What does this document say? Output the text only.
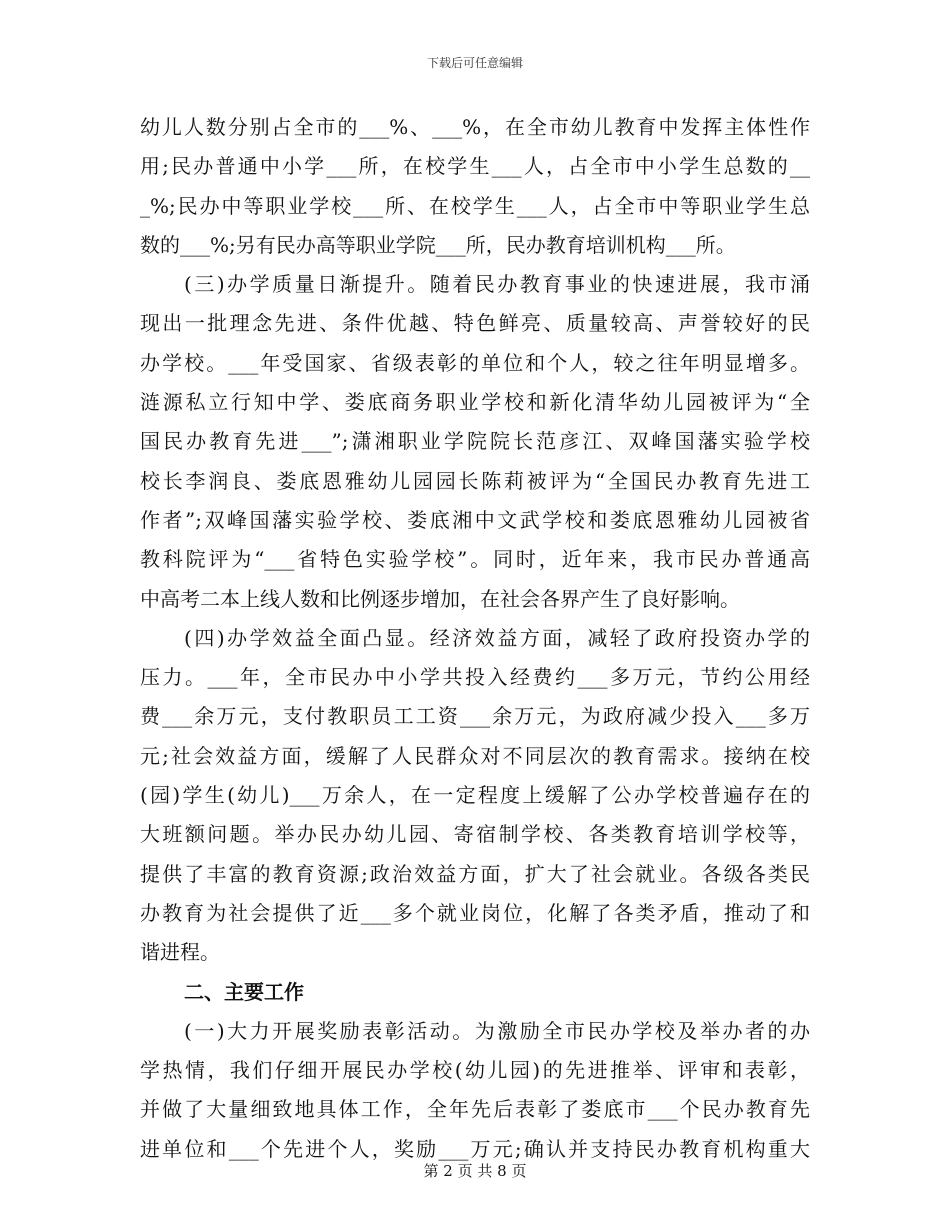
下载后可任意编辑
幼儿人数分别占全市的___%、___%，在全市幼儿教育中发挥主体性作
用;民办普通中小学___所，在校学生___人，占全市中小学生总数的__
_%;民办中等职业学校___所、在校学生___人，占全市中等职业学生总
数的___%;另有民办高等职业学院___所，民办教育培训机构___所。
(三)办学质量日渐提升。随着民办教育事业的快速进展，我市涌
现出一批理念先进、条件优越、特色鲜亮、质量较高、声誉较好的民
办学校。___年受国家、省级表彰的单位和个人，较之往年明显增多。
涟源私立行知中学、娄底商务职业学校和新化清华幼儿园被评为“全
国民办教育先进___”;潇湘职业学院院长范彦江、双峰国藩实验学校
校长李润良、娄底恩雅幼儿园园长陈莉被评为“全国民办教育先进工
作者”;双峰国藩实验学校、娄底湘中文武学校和娄底恩雅幼儿园被省
教科院评为“___省特色实验学校”。同时，近年来，我市民办普通高
中高考二本上线人数和比例逐步增加，在社会各界产生了良好影响。
(四)办学效益全面凸显。经济效益方面，减轻了政府投资办学的
压力。___年，全市民办中小学共投入经费约___多万元，节约公用经
费___余万元，支付教职员工工资___余万元，为政府减少投入___多万
元;社会效益方面，缓解了人民群众对不同层次的教育需求。接纳在校
(园)学生(幼儿)___万余人，在一定程度上缓解了公办学校普遍存在的
大班额问题。举办民办幼儿园、寄宿制学校、各类教育培训学校等，
提供了丰富的教育资源;政治效益方面，扩大了社会就业。各级各类民
办教育为社会提供了近___多个就业岗位，化解了各类矛盾，推动了和
谐进程。
二、主要工作
(一)大力开展奖励表彰活动。为激励全市民办学校及举办者的办
学热情，我们仔细开展民办学校(幼儿园)的先进推举、评审和表彰，
并做了大量细致地具体工作，全年先后表彰了娄底市___个民办教育先
进单位和___个先进个人，奖励___万元;确认并支持民办教育机构重大
第 2 页 共 8 页
